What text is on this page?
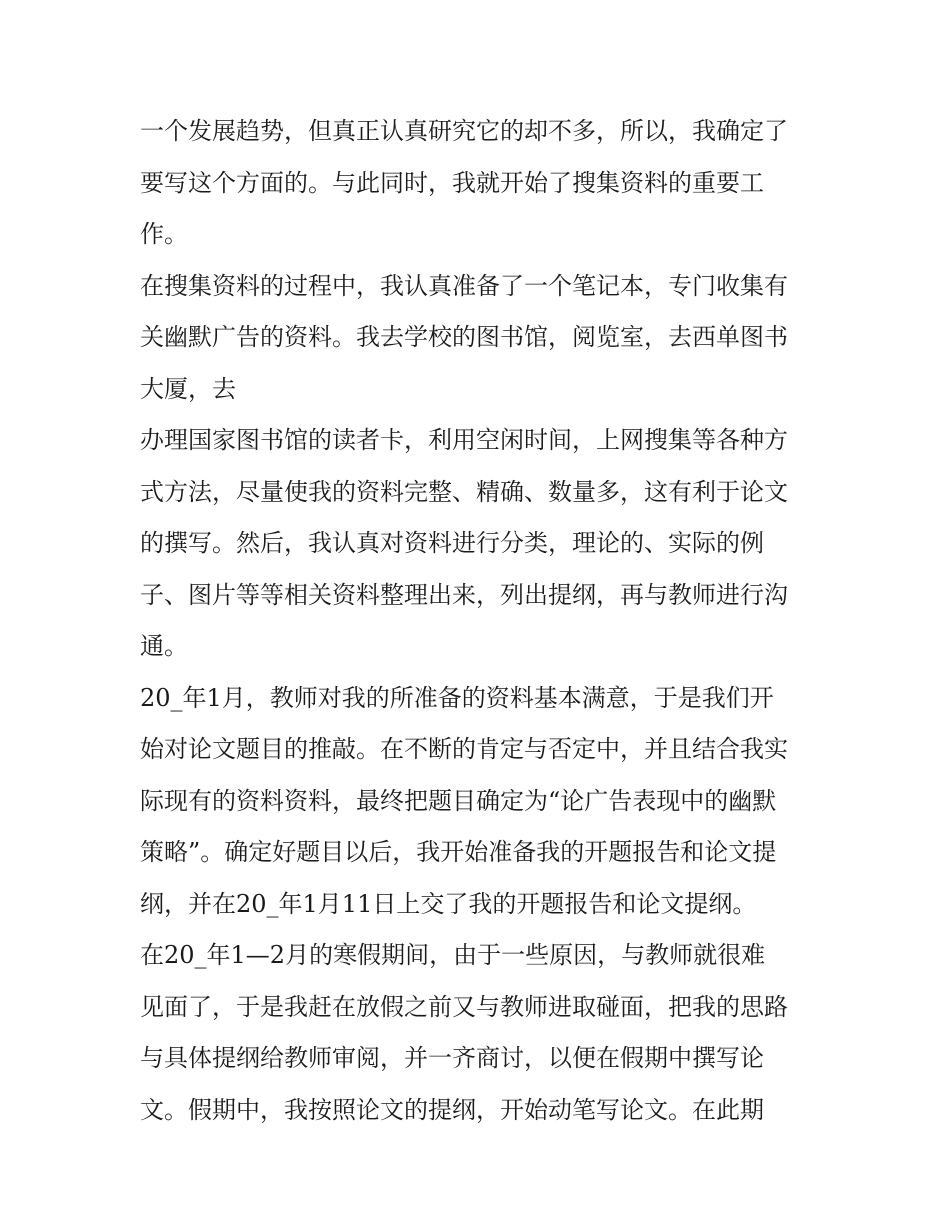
一个发展趋势，但真正认真研究它的却不多，所以，我确定了
要写这个方面的。与此同时，我就开始了搜集资料的重要工
作。
在搜集资料的过程中，我认真准备了一个笔记本，专门收集有
关幽默广告的资料。我去学校的图书馆，阅览室，去西单图书
大厦，去
办理国家图书馆的读者卡，利用空闲时间，上网搜集等各种方
式方法，尽量使我的资料完整、精确、数量多，这有利于论文
的撰写。然后，我认真对资料进行分类，理论的、实际的例
子、图片等等相关资料整理出来，列出提纲，再与教师进行沟
通。
20_年1月，教师对我的所准备的资料基本满意，于是我们开
始对论文题目的推敲。在不断的肯定与否定中，并且结合我实
际现有的资料资料，最终把题目确定为“论广告表现中的幽默
策略”。确定好题目以后，我开始准备我的开题报告和论文提
纲，并在20_年1月11日上交了我的开题报告和论文提纲。
在20_年1—2月的寒假期间，由于一些原因，与教师就很难
见面了，于是我赶在放假之前又与教师进取碰面，把我的思路
与具体提纲给教师审阅，并一齐商讨，以便在假期中撰写论
文。假期中，我按照论文的提纲，开始动笔写论文。在此期
